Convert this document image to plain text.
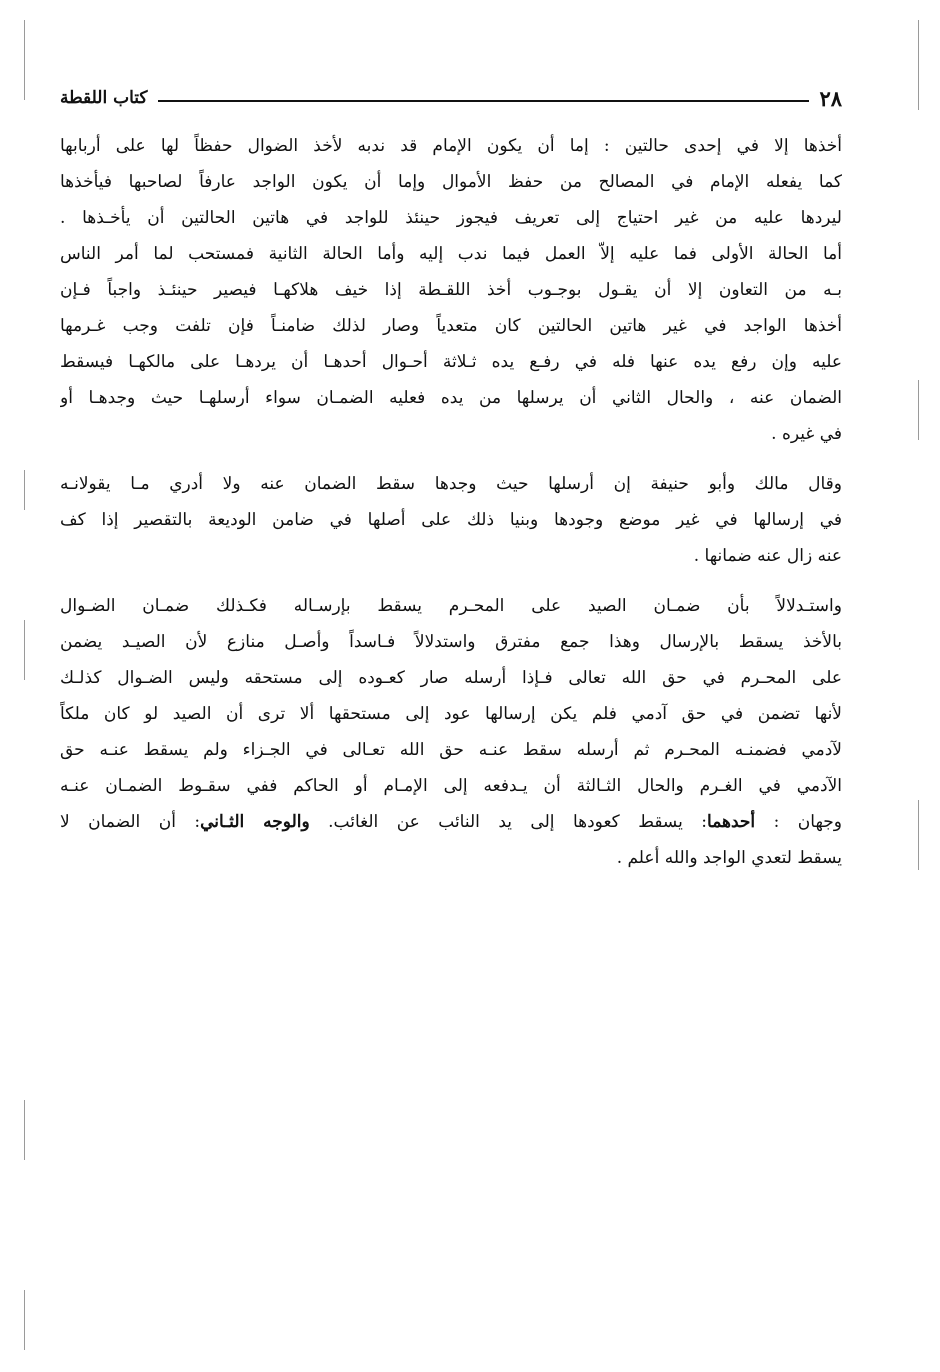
٢٨
كتاب اللقطة
أخذها إلا في إحدى حالتين : إما أن يكون الإمام قد ندبه لأخذ الضوال حفظاً لها على أربابها
كما يفعله الإمام في المصالح من حفظ الأموال وإما أن يكون الواجد عارفاً لصاحبها فيأخذها
ليردها عليه من غير احتياج إلى تعريف فيجوز حينئذ للواجد في هاتين الحالتين أن يأخـذها .
أما الحالة الأولى فما عليه إلاّ العمل فيما ندب إليه وأما الحالة الثانية فمستحب لما أمر الناس
بـه من التعاون إلا أن يقـول بوجـوب أخذ اللقـطة إذا خيف هلاكهـا فيصير حينئـذ واجباً فـإن
أخذها الواجد في غير هاتين الحالتين كان متعدياً وصار لذلك ضامنـاً فإن تلفت وجب غـرمها
عليه وإن رفع يده عنها فله في رفـع يده ثـلاثة أحـوال أحدهـا أن يردهـا على مالكهـا فيسقط
الضمان عنه ، والحال الثاني أن يرسلها من يده فعليه الضمـان سواء أرسلهـا حيث وجدهـا أو
في غيره .
وقال مالك وأبو حنيفة إن أرسلها حيث وجدها سقط الضمان عنه ولا أدري مـا يقولانـه
في إرسالها في غير موضع وجودها وبنيا ذلك على أصلها في ضامن الوديعة بالتقصير إذا كف
عنه زال عنه ضمانها .
واستـدلالاً بأن ضمـان الصيد على المحـرم يسقط بإرسـاله فكـذلك ضمـان الضـوال
بالأخذ يسقط بالإرسال وهذا جمع مفترق واستدلالاً فـاسداً وأصـل منازع لأن الصيـد يضمن
على المحـرم في حق الله تعالى فـإذا أرسله صار كعـوده إلى مستحقه وليس الضـوال كذلـك
لأنها تضمن في حق آدمي فلم يكن إرسالها عود إلى مستحقها ألا ترى أن الصيد لو كان ملكاً
لآدمي فضمنـه المحـرم ثم أرسله سقط عنـه حق الله تعـالى في الجـزاء ولم يسقط عنـه حق
الآدمي في الغـرم والحال الثـالثة أن يـدفعه إلى الإمـام أو الحاكم ففي سقـوط الضمـان عنـه
وجهان : أحدهما: يسقط كعودها إلى يد النائب عن الغائب. والوجه الثـاني: أن الضمان لا
يسقط لتعدي الواجد والله أعلم .
